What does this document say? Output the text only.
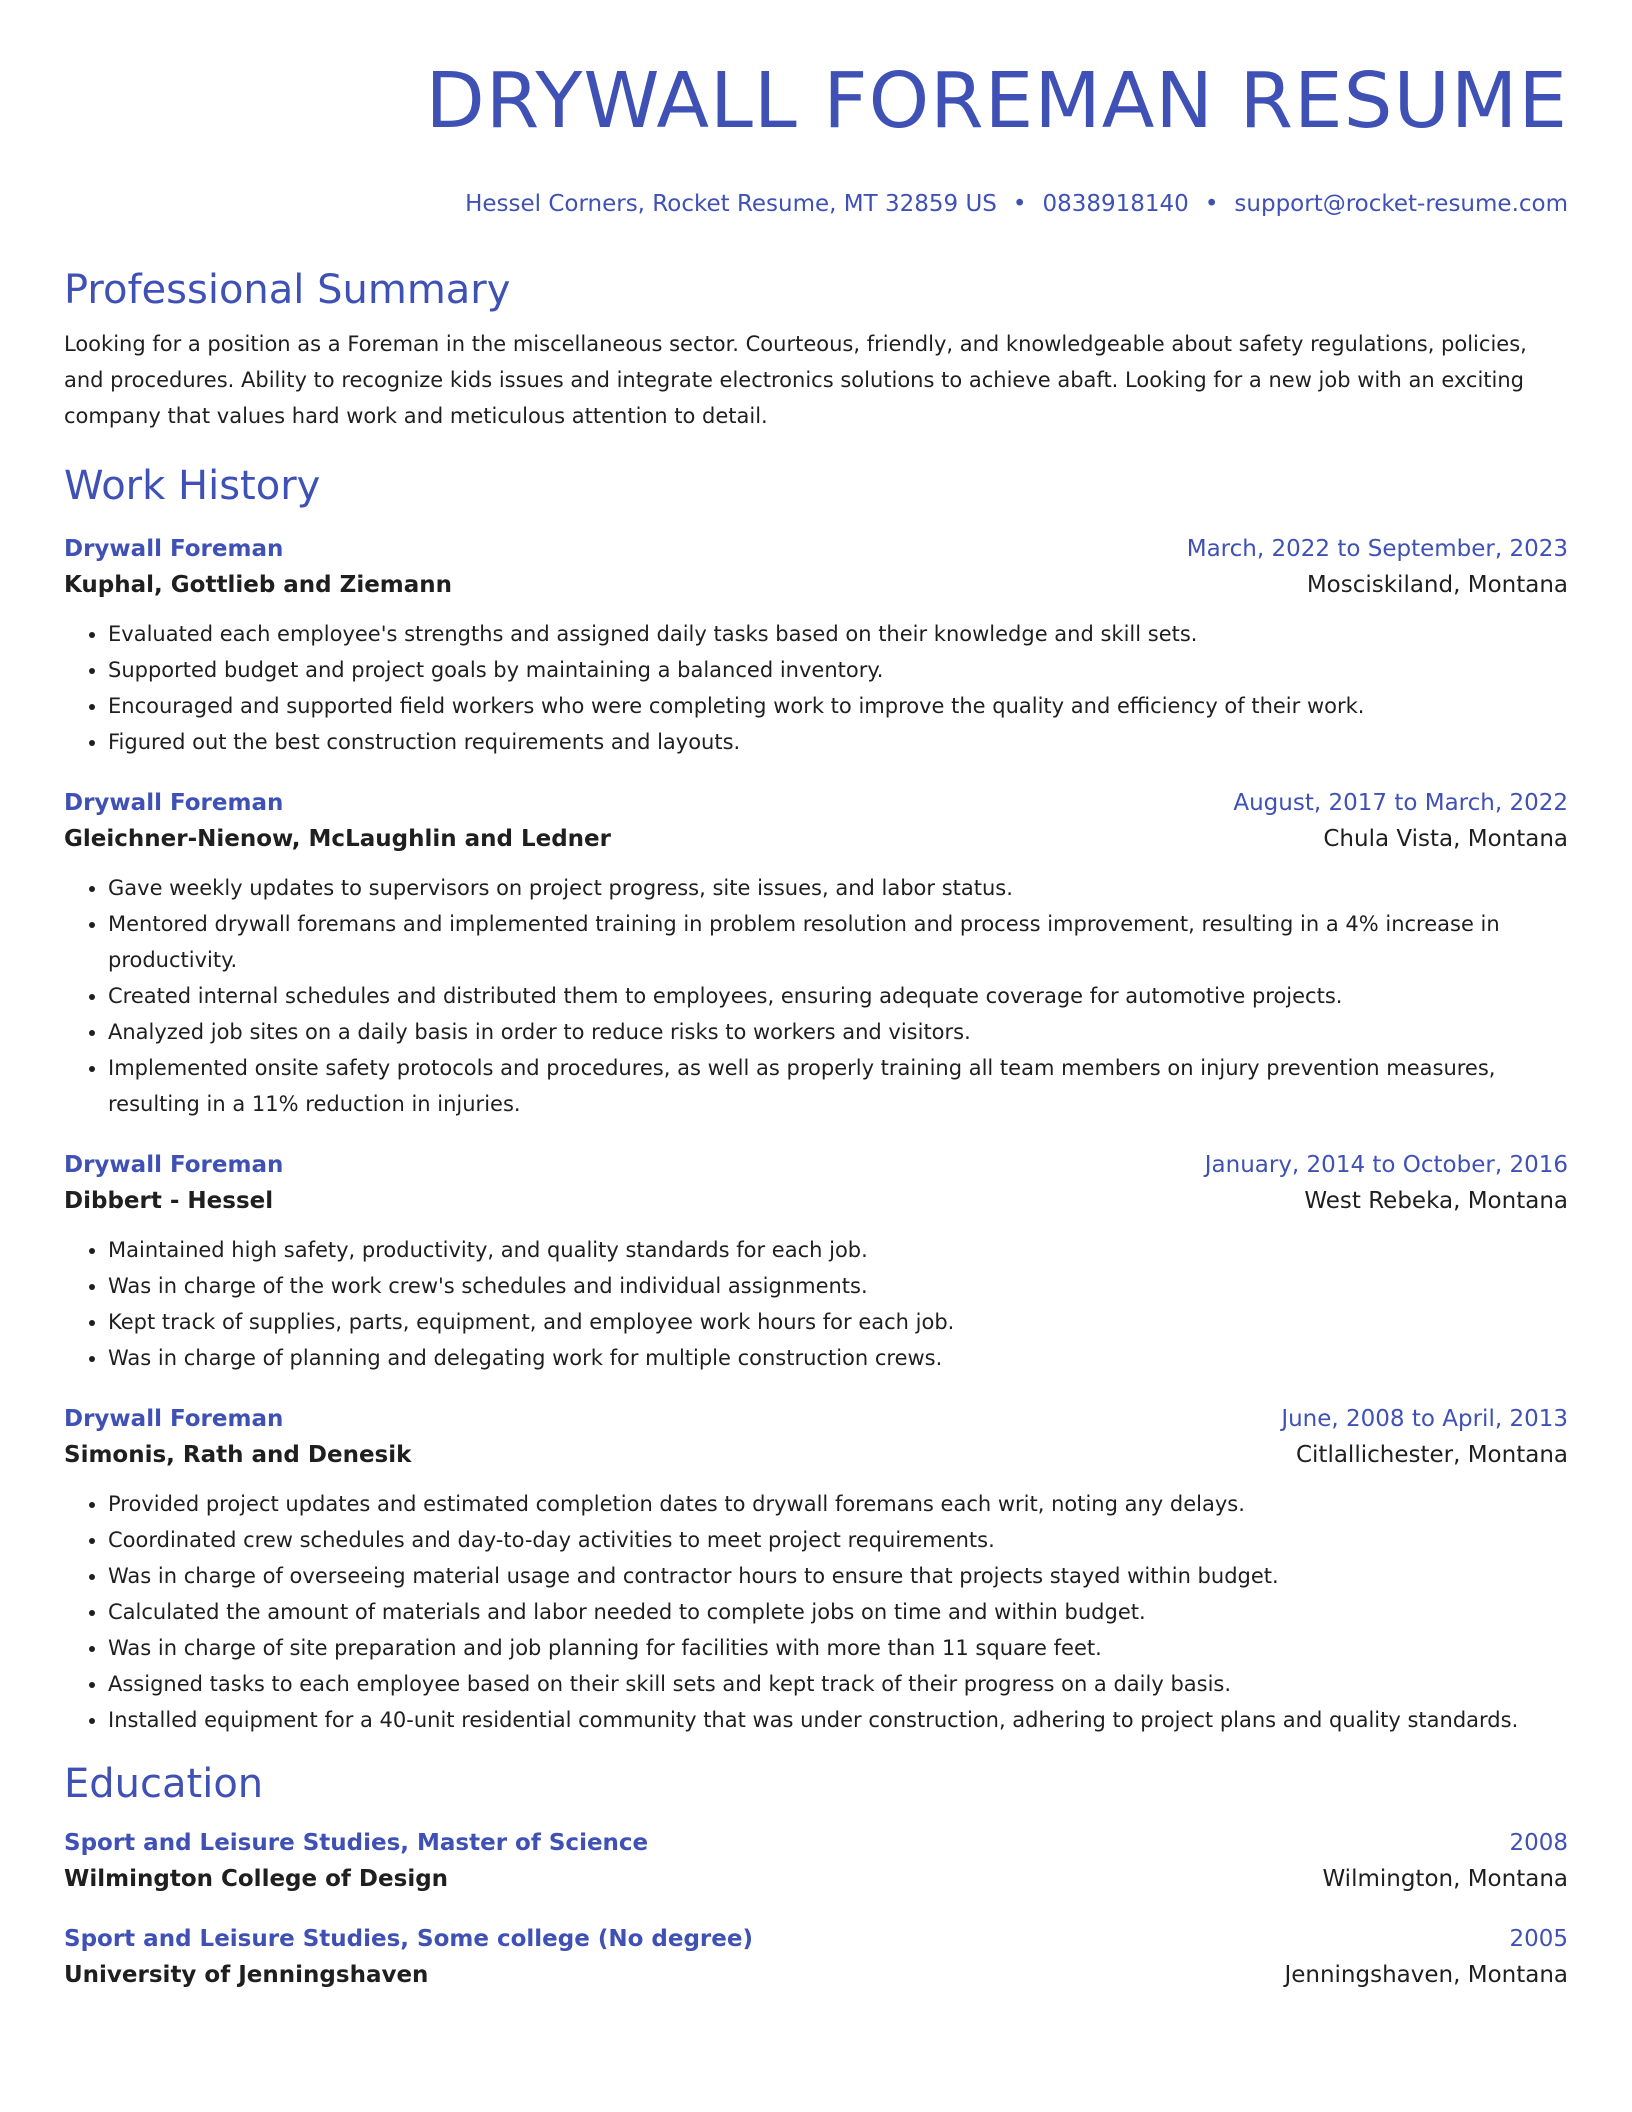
DRYWALL FOREMAN RESUME
Hessel Corners, Rocket Resume, MT 32859 US • 0838918140 • support@rocket-resume.com
Professional Summary

Looking for a position as a Foreman in the miscellaneous sector. Courteous, friendly, and knowledgeable about safety regulations, policies, and procedures. Ability to recognize kids issues and integrate electronics solutions to achieve abaft. Looking for a new job with an exciting company that values hard work and meticulous attention to detail.

Work History
Drywall Foreman	March, 2022 to September, 2023
Kuphal, Gottlieb and Ziemann	Mosciskiland, Montana
• Evaluated each employee's strengths and assigned daily tasks based on their knowledge and skill sets.
• Supported budget and project goals by maintaining a balanced inventory.
• Encouraged and supported field workers who were completing work to improve the quality and efficiency of their work.
• Figured out the best construction requirements and layouts.
Drywall Foreman	August, 2017 to March, 2022
Gleichner-Nienow, McLaughlin and Ledner	Chula Vista, Montana
• Gave weekly updates to supervisors on project progress, site issues, and labor status.
• Mentored drywall foremans and implemented training in problem resolution and process improvement, resulting in a 4% increase in productivity.
• Created internal schedules and distributed them to employees, ensuring adequate coverage for automotive projects.
• Analyzed job sites on a daily basis in order to reduce risks to workers and visitors.
• Implemented onsite safety protocols and procedures, as well as properly training all team members on injury prevention measures, resulting in a 11% reduction in injuries.
Drywall Foreman	January, 2014 to October, 2016
Dibbert - Hessel	West Rebeka, Montana
• Maintained high safety, productivity, and quality standards for each job.
• Was in charge of the work crew's schedules and individual assignments.
• Kept track of supplies, parts, equipment, and employee work hours for each job.
• Was in charge of planning and delegating work for multiple construction crews.
Drywall Foreman	June, 2008 to April, 2013
Simonis, Rath and Denesik	Citlallichester, Montana
• Provided project updates and estimated completion dates to drywall foremans each writ, noting any delays.
• Coordinated crew schedules and day-to-day activities to meet project requirements.
• Was in charge of overseeing material usage and contractor hours to ensure that projects stayed within budget.
• Calculated the amount of materials and labor needed to complete jobs on time and within budget.
• Was in charge of site preparation and job planning for facilities with more than 11 square feet.
• Assigned tasks to each employee based on their skill sets and kept track of their progress on a daily basis.
• Installed equipment for a 40-unit residential community that was under construction, adhering to project plans and quality standards.
Education
Sport and Leisure Studies, Master of Science	2008
Wilmington College of Design	Wilmington, Montana
Sport and Leisure Studies, Some college (No degree)	2005
University of Jenningshaven	Jenningshaven, Montana
